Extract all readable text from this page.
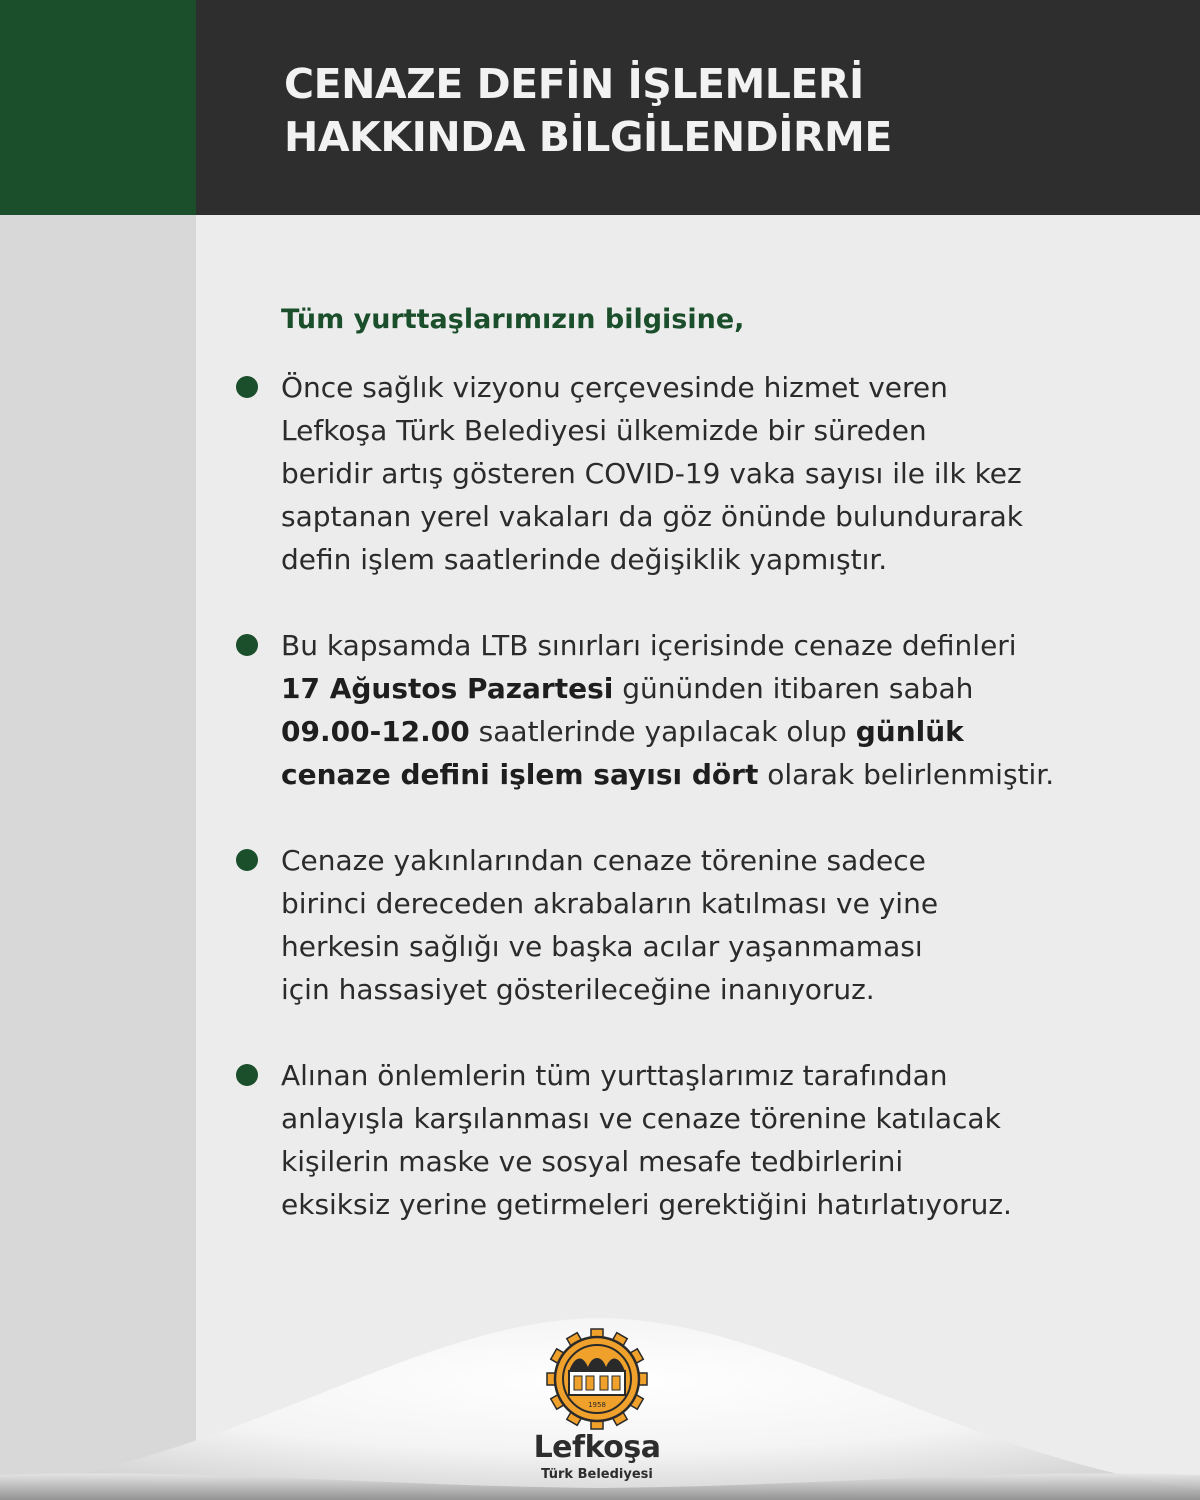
CENAZE DEFİN İŞLEMLERİ
HAKKINDA BİLGİLENDİRME
Tüm yurttaşlarımızın bilgisine,
Önce sağlık vizyonu çerçevesinde hizmet veren
Lefkoşa Türk Belediyesi ülkemizde bir süreden
beridir artış gösteren COVID-19 vaka sayısı ile ilk kez
saptanan yerel vakaları da göz önünde bulundurarak
defin işlem saatlerinde değişiklik yapmıştır.
Bu kapsamda LTB sınırları içerisinde cenaze definleri
17 Ağustos Pazartesi gününden itibaren sabah
09.00-12.00 saatlerinde yapılacak olup günlük
cenaze defini işlem sayısı dört olarak belirlenmiştir.
Cenaze yakınlarından cenaze törenine sadece
birinci dereceden akrabaların katılması ve yine
herkesin sağlığı ve başka acılar yaşanmaması
için hassasiyet gösterileceğine inanıyoruz.
Alınan önlemlerin tüm yurttaşlarımız tarafından
anlayışla karşılanması ve cenaze törenine katılacak
kişilerin maske ve sosyal mesafe tedbirlerini
eksiksiz yerine getirmeleri gerektiğini hatırlatıyoruz.
1958
Lefkoşa
Türk Belediyesi
